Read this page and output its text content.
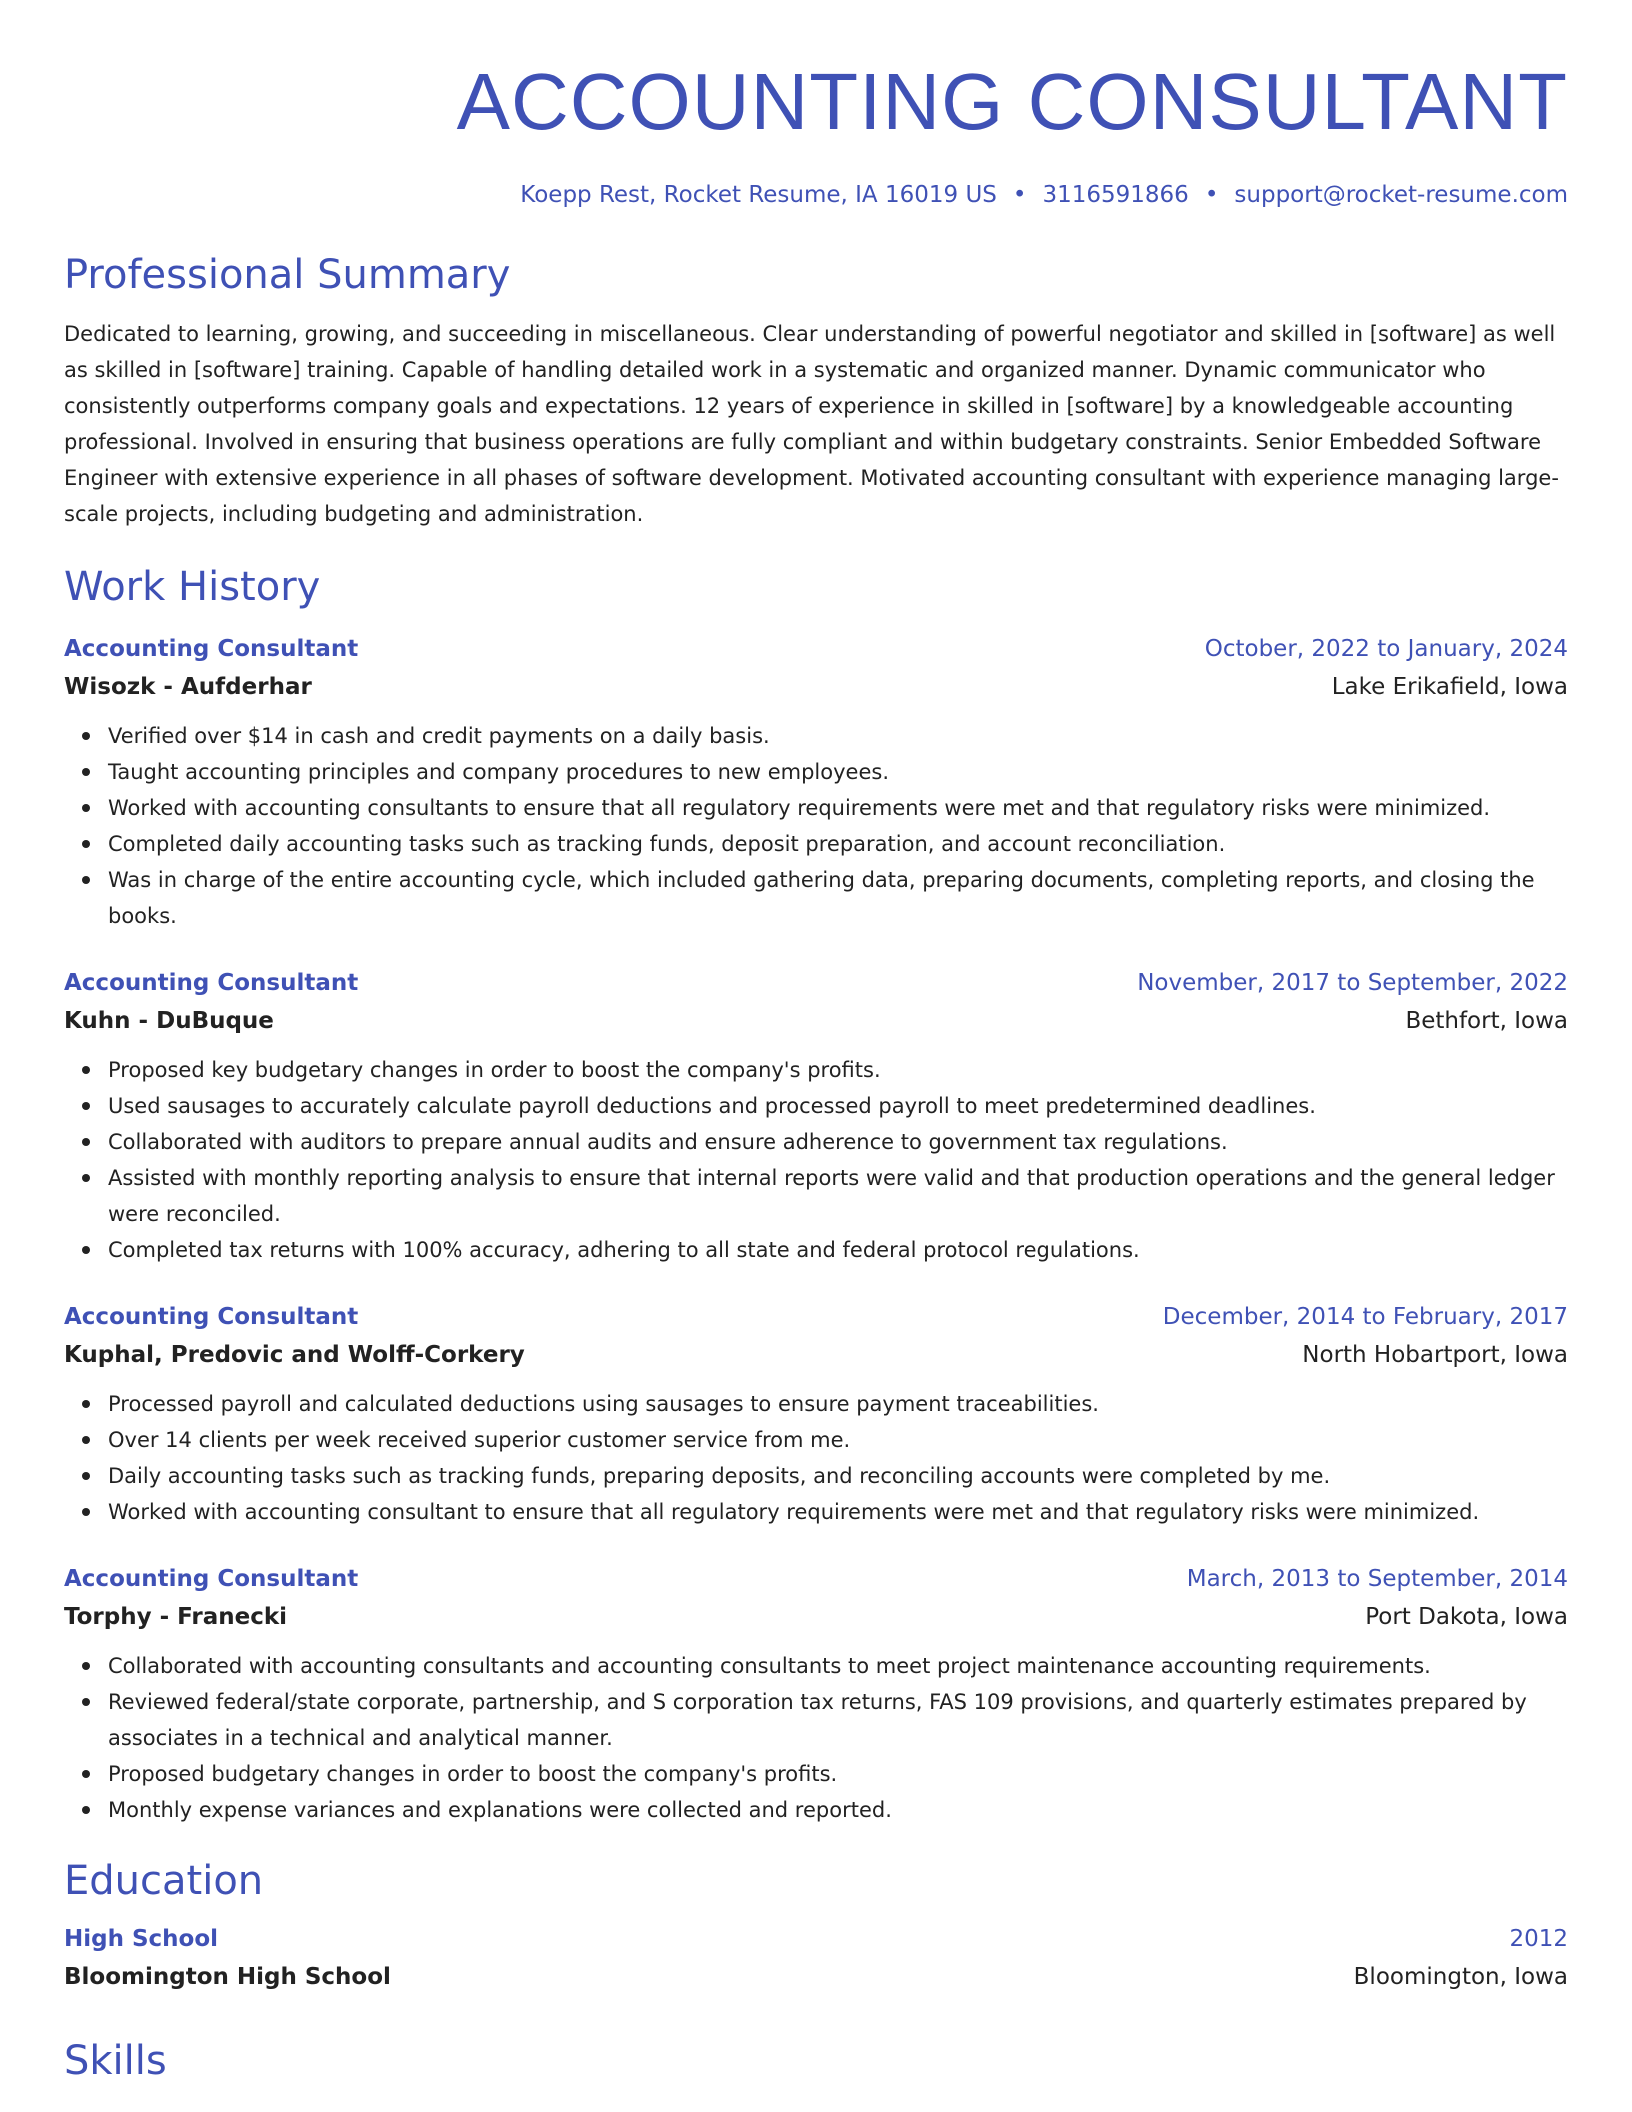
ACCOUNTING CONSULTANT
Koepp Rest, Rocket Resume, IA 16019 US • 3116591866 • support@rocket-resume.com
Professional Summary

Dedicated to learning, growing, and succeeding in miscellaneous. Clear understanding of powerful negotiator and skilled in [software] as well as skilled in [software] training. Capable of handling detailed work in a systematic and organized manner. Dynamic communicator who consistently outperforms company goals and expectations. 12 years of experience in skilled in [software] by a knowledgeable accounting professional. Involved in ensuring that business operations are fully compliant and within budgetary constraints. Senior Embedded Software Engineer with extensive experience in all phases of software development. Motivated accounting consultant with experience managing large-scale projects, including budgeting and administration.

Work History
Accounting Consultant	October, 2022 to January, 2024
Wisozk - Aufderhar	Lake Erikafield, Iowa
Verified over $14 in cash and credit payments on a daily basis.
Taught accounting principles and company procedures to new employees.
Worked with accounting consultants to ensure that all regulatory requirements were met and that regulatory risks were minimized.
Completed daily accounting tasks such as tracking funds, deposit preparation, and account reconciliation.
Was in charge of the entire accounting cycle, which included gathering data, preparing documents, completing reports, and closing the books.
Accounting Consultant	November, 2017 to September, 2022
Kuhn - DuBuque	Bethfort, Iowa
Proposed key budgetary changes in order to boost the company's profits.
Used sausages to accurately calculate payroll deductions and processed payroll to meet predetermined deadlines.
Collaborated with auditors to prepare annual audits and ensure adherence to government tax regulations.
Assisted with monthly reporting analysis to ensure that internal reports were valid and that production operations and the general ledger were reconciled.
Completed tax returns with 100% accuracy, adhering to all state and federal protocol regulations.
Accounting Consultant	December, 2014 to February, 2017
Kuphal, Predovic and Wolff-Corkery	North Hobartport, Iowa
Processed payroll and calculated deductions using sausages to ensure payment traceabilities.
Over 14 clients per week received superior customer service from me.
Daily accounting tasks such as tracking funds, preparing deposits, and reconciling accounts were completed by me.
Worked with accounting consultant to ensure that all regulatory requirements were met and that regulatory risks were minimized.
Accounting Consultant	March, 2013 to September, 2014
Torphy - Franecki	Port Dakota, Iowa
Collaborated with accounting consultants and accounting consultants to meet project maintenance accounting requirements.
Reviewed federal/state corporate, partnership, and S corporation tax returns, FAS 109 provisions, and quarterly estimates prepared by associates in a technical and analytical manner.
Proposed budgetary changes in order to boost the company's profits.
Monthly expense variances and explanations were collected and reported.
Education
High School	2012
Bloomington High School	Bloomington, Iowa
Skills
